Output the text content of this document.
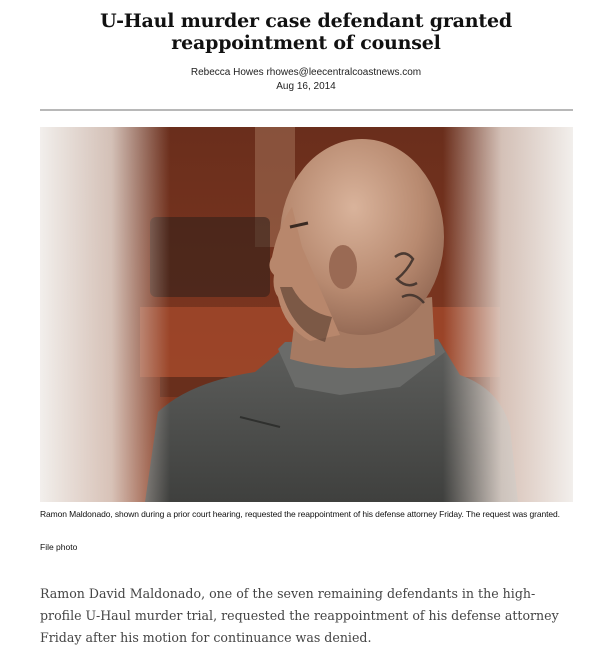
U-Haul murder case defendant granted reappointment of counsel
Rebecca Howes rhowes@leecentralcoastnews.com
Aug 16, 2014
Ramon Maldonado, shown during a prior court hearing, requested the reappointment of his defense attorney Friday. The request was granted.
File photo

Ramon David Maldonado, one of the seven remaining defendants in the high-profile U-Haul murder trial, requested the reappointment of his defense attorney Friday after his motion for continuance was denied.
